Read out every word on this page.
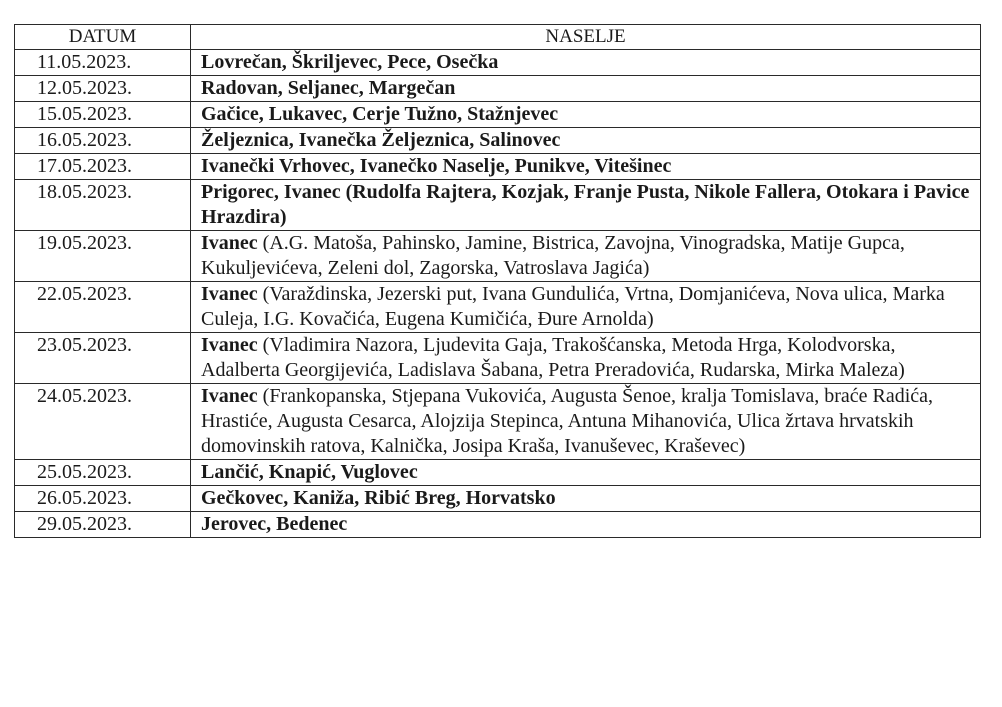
DATUM	NASELJE
11.05.2023.	Lovrečan, Škriljevec, Pece, Osečka
12.05.2023.	Radovan, Seljanec, Margečan
15.05.2023.	Gačice, Lukavec, Cerje Tužno, Stažnjevec
16.05.2023.	Željeznica, Ivanečka Željeznica, Salinovec
17.05.2023.	Ivanečki Vrhovec, Ivanečko Naselje, Punikve, Vitešinec
18.05.2023.	Prigorec, Ivanec (Rudolfa Rajtera, Kozjak, Franje Pusta, Nikole Fallera, Otokara i Pavice Hrazdira)
19.05.2023.	Ivanec (A.G. Matoša, Pahinsko, Jamine, Bistrica, Zavojna, Vinogradska, Matije Gupca, Kukuljevićeva, Zeleni dol, Zagorska, Vatroslava Jagića)
22.05.2023.	Ivanec (Varaždinska, Jezerski put, Ivana Gundulića, Vrtna, Domjanićeva, Nova ulica, Marka Culeja, I.G. Kovačića, Eugena Kumičića, Đure Arnolda)
23.05.2023.	Ivanec (Vladimira Nazora, Ljudevita Gaja, Trakošćanska, Metoda Hrga, Kolodvorska, Adalberta Georgijevića, Ladislava Šabana, Petra Preradovića, Rudarska, Mirka Maleza)
24.05.2023.	Ivanec (Frankopanska, Stjepana Vukovića, Augusta Šenoe, kralja Tomislava, braće Radića, Hrastiće, Augusta Cesarca, Alojzija Stepinca, Antuna Mihanovića, Ulica žrtava hrvatskih domovinskih ratova, Kalnička, Josipa Kraša, Ivanuševec, Kraševec)
25.05.2023.	Lančić, Knapić, Vuglovec
26.05.2023.	Gečkovec, Kaniža, Ribić Breg, Horvatsko
29.05.2023.	Jerovec, Bedenec
